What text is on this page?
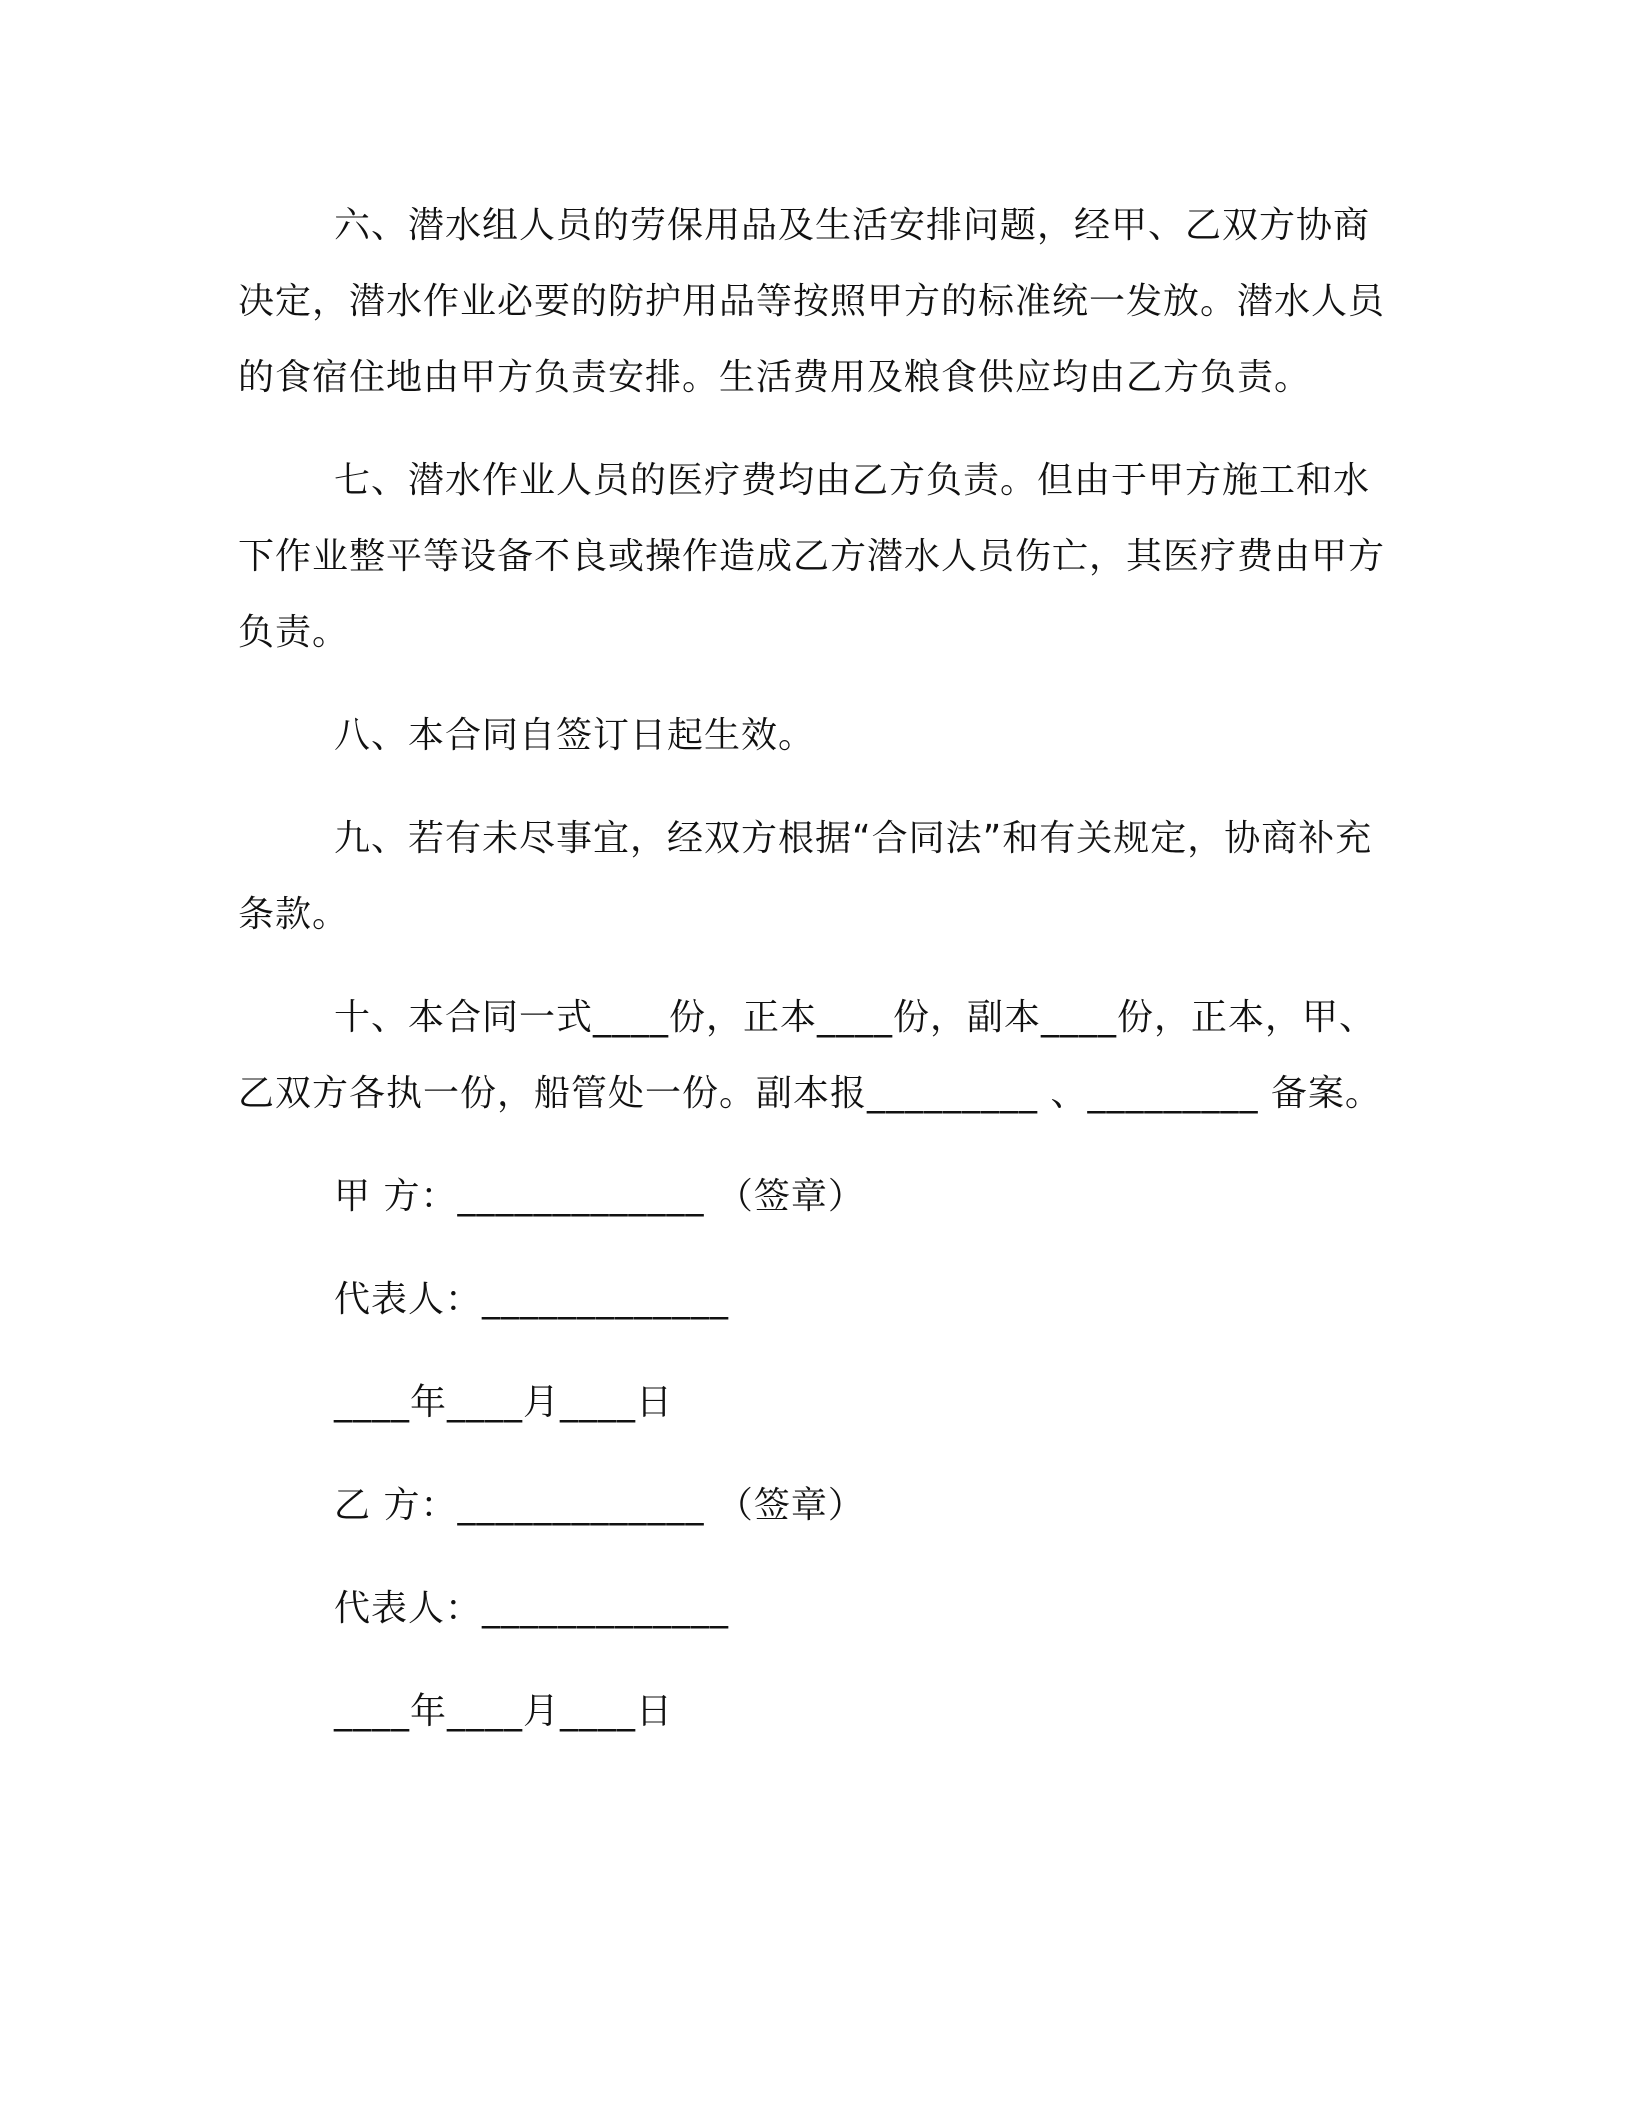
六、潜水组人员的劳保用品及生活安排问题，经甲、乙双方协商决定，潜水作业必要的防护用品等按照甲方的标准统一发放。潜水人员的食宿住地由甲方负责安排。生活费用及粮食供应均由乙方负责。

七、潜水作业人员的医疗费均由乙方负责。但由于甲方施工和水下作业整平等设备不良或操作造成乙方潜水人员伤亡，其医疗费由甲方负责。

八、本合同自签订日起生效。

九、若有未尽事宜，经双方根据“合同法”和有关规定，协商补充条款。

十、本合同一式____份，正本____份，副本____份，正本，甲、乙双方各执一份，船管处一份。副本报_________ 、_________ 备案。

甲 方：_____________ （签章）
代表人：_____________
____年____月____日
乙 方：_____________ （签章）
代表人：_____________
____年____月____日
